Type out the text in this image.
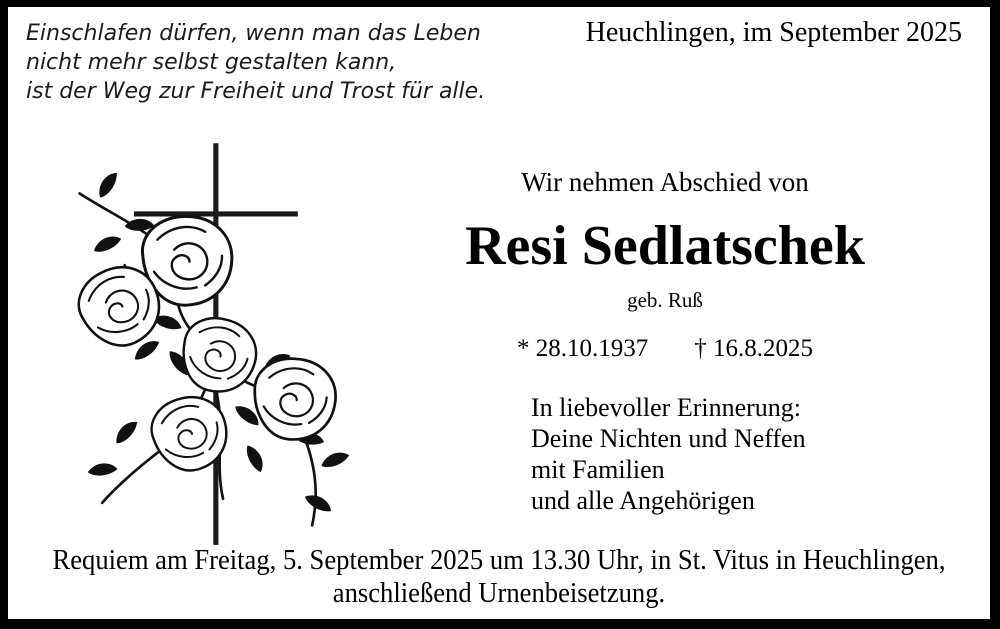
Einschlafen dürfen, wenn man das Leben
nicht mehr selbst gestalten kann,
ist der Weg zur Freiheit und Trost für alle.
Heuchlingen, im September 2025
Wir nehmen Abschied von
Resi Sedlatschek
geb. Ruß
* 28.10.1937 † 16.8.2025
In liebevoller Erinnerung:
Deine Nichten und Neffen
mit Familien
und alle Angehörigen
Requiem am Freitag, 5. September 2025 um 13.30 Uhr, in St. Vitus in Heuchlingen,
anschließend Urnenbeisetzung.
